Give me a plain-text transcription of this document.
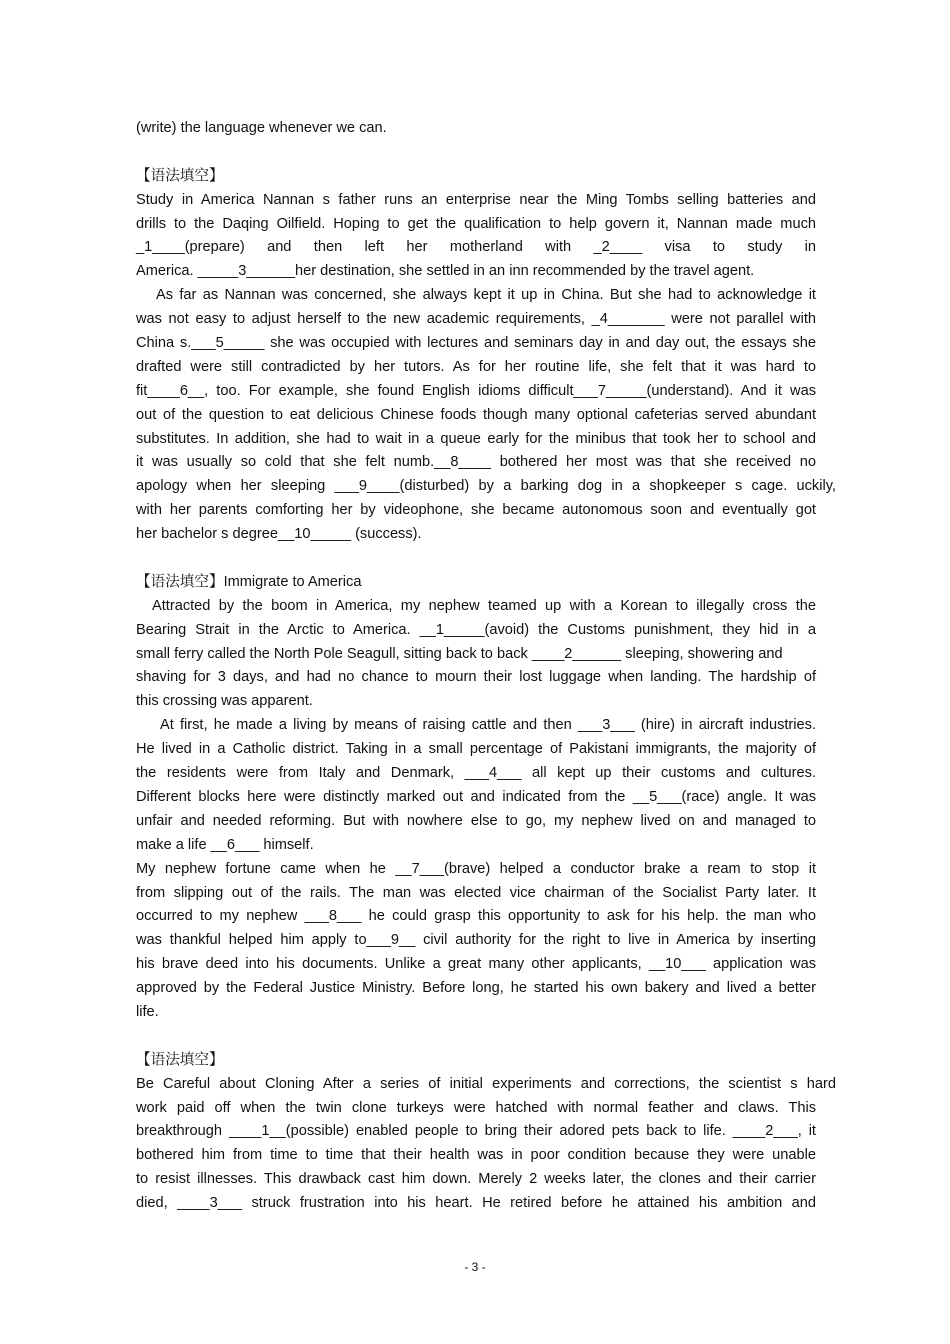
(write) the language whenever we can.
【语法填空】
Study in America Nannan s father runs an enterprise near the Ming Tombs selling batteries and
drills to the Daqing Oilfield. Hoping to get the qualification to help govern it, Nannan made much
_1____(prepare) and then left her motherland with _2____ visa to study in
America. _____3______her destination, she settled in an inn recommended by the travel agent.
As far as Nannan was concerned, she always kept it up in China. But she had to acknowledge it
was not easy to adjust herself to the new academic requirements, _4_______ were not parallel with
China s.___5_____ she was occupied with lectures and seminars day in and day out, the essays she
drafted were still contradicted by her tutors. As for her routine life, she felt that it was hard to
fit____6__, too. For example, she found English idioms difficult___7_____(understand). And it was
out of the question to eat delicious Chinese foods though many optional cafeterias served abundant
substitutes. In addition, she had to wait in a queue early for the minibus that took her to school and
it was usually so cold that she felt numb.__8____ bothered her most was that she received no
apology when her sleeping ___9____(disturbed) by a barking dog in a shopkeeper s cage. uckily,
with her parents comforting her by videophone, she became autonomous soon and eventually got
her bachelor s degree__10_____ (success).
【语法填空】Immigrate to America
Attracted by the boom in America, my nephew teamed up with a Korean to illegally cross the
Bearing Strait in the Arctic to America. __1_____(avoid) the Customs punishment, they hid in a
small ferry called the North Pole Seagull, sitting back to back ____2______ sleeping, showering and
shaving for 3 days, and had no chance to mourn their lost luggage when landing. The hardship of
this crossing was apparent.
At first, he made a living by means of raising cattle and then ___3___ (hire) in aircraft industries.
He lived in a Catholic district. Taking in a small percentage of Pakistani immigrants, the majority of
the residents were from Italy and Denmark, ___4___ all kept up their customs and cultures.
Different blocks here were distinctly marked out and indicated from the __5___(race) angle. It was
unfair and needed reforming. But with nowhere else to go, my nephew lived on and managed to
make a life __6___ himself.
My nephew fortune came when he __7___(brave) helped a conductor brake a ream to stop it
from slipping out of the rails. The man was elected vice chairman of the Socialist Party later. It
occurred to my nephew ___8___ he could grasp this opportunity to ask for his help. the man who
was thankful helped him apply to___9__ civil authority for the right to live in America by inserting
his brave deed into his documents. Unlike a great many other applicants, __10___ application was
approved by the Federal Justice Ministry. Before long, he started his own bakery and lived a better
life.
【语法填空】
Be Careful about Cloning After a series of initial experiments and corrections, the scientist s hard
work paid off when the twin clone turkeys were hatched with normal feather and claws. This
breakthrough ____1__(possible) enabled people to bring their adored pets back to life. ____2___, it
bothered him from time to time that their health was in poor condition because they were unable
to resist illnesses. This drawback cast him down. Merely 2 weeks later, the clones and their carrier
died, ____3___ struck frustration into his heart. He retired before he attained his ambition and
- 3 -
